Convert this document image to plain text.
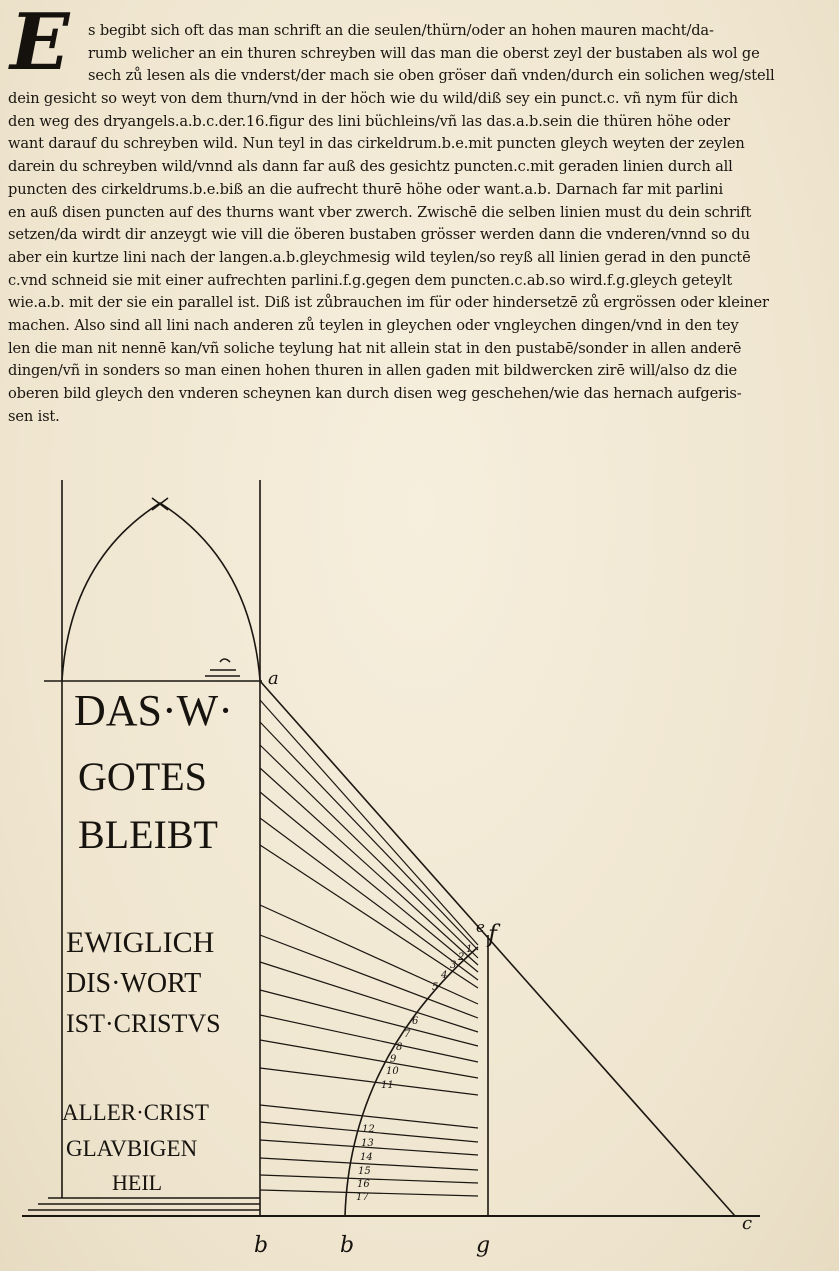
E	s begibt sich oft das man schrift an die seulen/thürn/oder an hohen mauren macht/da-
rumb welicher an ein thuren schreyben will das man die oberst zeyl der bustaben als wol ge
sech zů lesen als die vnderst/der mach sie oben gröser dañ vnden/durch ein solichen weg/stell
dein gesicht so weyt von dem thurn/vnd in der höch wie du wild/diß sey ein punct.c. vñ nym für dich
den weg des dryangels.a.b.c.der.16.figur des lini büchleins/vñ las das.a.b.sein die thüren höhe oder
want darauf du schreyben wild. Nun teyl in das cirkeldrum.b.e.mit puncten gleych weyten der zeylen
darein du schreyben wild/vnnd als dann far auß des gesichtz puncten.c.mit geraden linien durch all
puncten des cirkeldrums.b.e.biß an die aufrecht thurē höhe oder want.a.b. Darnach far mit parlini
en auß disen puncten auf des thurns want vber zwerch. Zwischē die selben linien must du dein schrift
setzen/da wirdt dir anzeygt wie vill die öberen bustaben grösser werden dann die vnderen/vnnd so du
aber ein kurtze lini nach der langen.a.b.gleychmesig wild teylen/so reyß all linien gerad in den punctē
c.vnd schneid sie mit einer aufrechten parlini.f.g.gegen dem puncten.c.ab.so wird.f.g.gleych geteylt
wie.a.b. mit der sie ein parallel ist. Diß ist zůbrauchen im für oder hindersetzē zů ergrössen oder kleiner
machen. Also sind all lini nach anderen zů teylen in gleychen oder vngleychen dingen/vnd in den tey
len die man nit nennē kan/vñ soliche teylung hat nit allein stat in den pustabē/sonder in allen anderē
dingen/vñ in sonders so man einen hohen thuren in allen gaden mit bildwercken zirē will/also dz die
oberen bild gleych den vnderen scheynen kan durch disen weg geschehen/wie das hernach aufgeris-
sen ist.
DAS·W·
GOTES
BLEIBT
EWIGLICH
DIS·WORT
IST·CRISTVS
ALLER·CRIST
GLAVBIGEN
HEIL
a
e f
c
b	b	g
1
2
3
4
5
6
7
8
9
10
11
12
13
14
15
16
17
